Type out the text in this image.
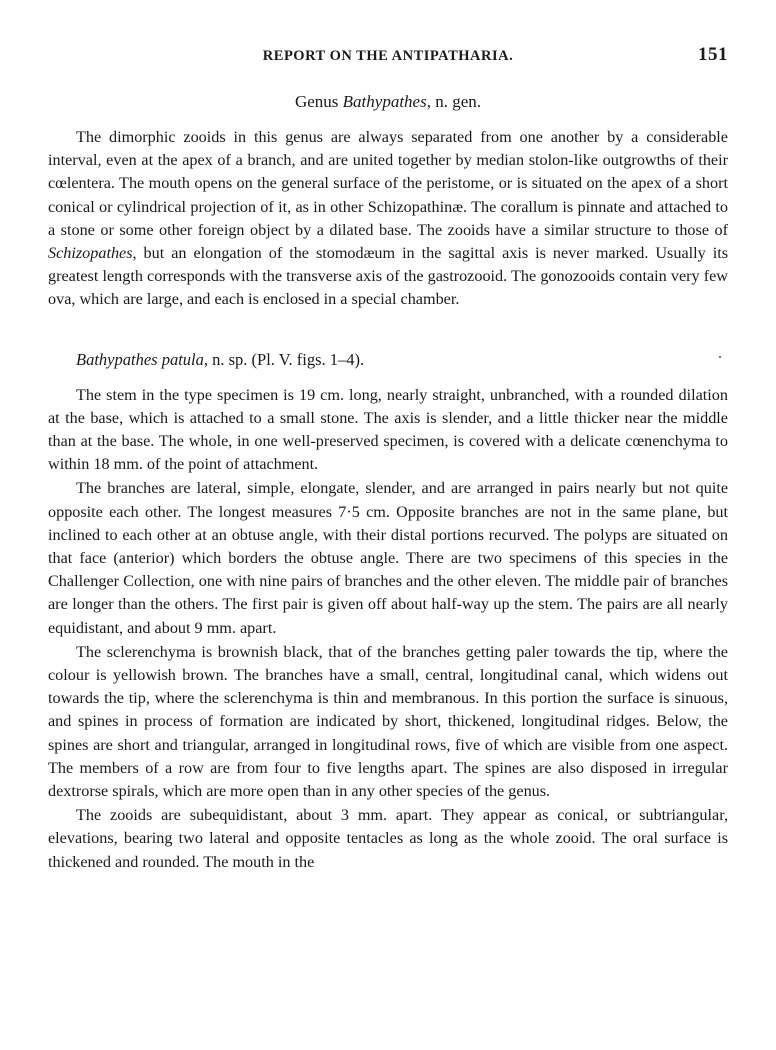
REPORT ON THE ANTIPATHARIA.	151
Genus Bathypathes, n. gen.

The dimorphic zooids in this genus are always separated from one another by a considerable interval, even at the apex of a branch, and are united together by median stolon-like outgrowths of their cœlentera. The mouth opens on the general surface of the peristome, or is situated on the apex of a short conical or cylindrical projection of it, as in other Schizopathinæ. The corallum is pinnate and attached to a stone or some other foreign object by a dilated base. The zooids have a similar structure to those of Schizopathes, but an elongation of the stomodæum in the sagittal axis is never marked. Usually its greatest length corresponds with the transverse axis of the gastrozooid. The gonozooids contain very few ova, which are large, and each is enclosed in a special chamber.

Bathypathes patula, n. sp. (Pl. V. figs. 1–4).

The stem in the type specimen is 19 cm. long, nearly straight, unbranched, with a rounded dilation at the base, which is attached to a small stone. The axis is slender, and a little thicker near the middle than at the base. The whole, in one well-preserved specimen, is covered with a delicate cœnenchyma to within 18 mm. of the point of attachment.

The branches are lateral, simple, elongate, slender, and are arranged in pairs nearly but not quite opposite each other. The longest measures 7·5 cm. Opposite branches are not in the same plane, but inclined to each other at an obtuse angle, with their distal portions recurved. The polyps are situated on that face (anterior) which borders the obtuse angle. There are two specimens of this species in the Challenger Collection, one with nine pairs of branches and the other eleven. The middle pair of branches are longer than the others. The first pair is given off about half-way up the stem. The pairs are all nearly equidistant, and about 9 mm. apart.

The sclerenchyma is brownish black, that of the branches getting paler towards the tip, where the colour is yellowish brown. The branches have a small, central, longitudinal canal, which widens out towards the tip, where the sclerenchyma is thin and membranous. In this portion the surface is sinuous, and spines in process of formation are indicated by short, thickened, longitudinal ridges. Below, the spines are short and triangular, arranged in longitudinal rows, five of which are visible from one aspect. The members of a row are from four to five lengths apart. The spines are also disposed in irregular dextrorse spirals, which are more open than in any other species of the genus.

The zooids are subequidistant, about 3 mm. apart. They appear as conical, or subtriangular, elevations, bearing two lateral and opposite tentacles as long as the whole zooid. The oral surface is thickened and rounded. The mouth in the
